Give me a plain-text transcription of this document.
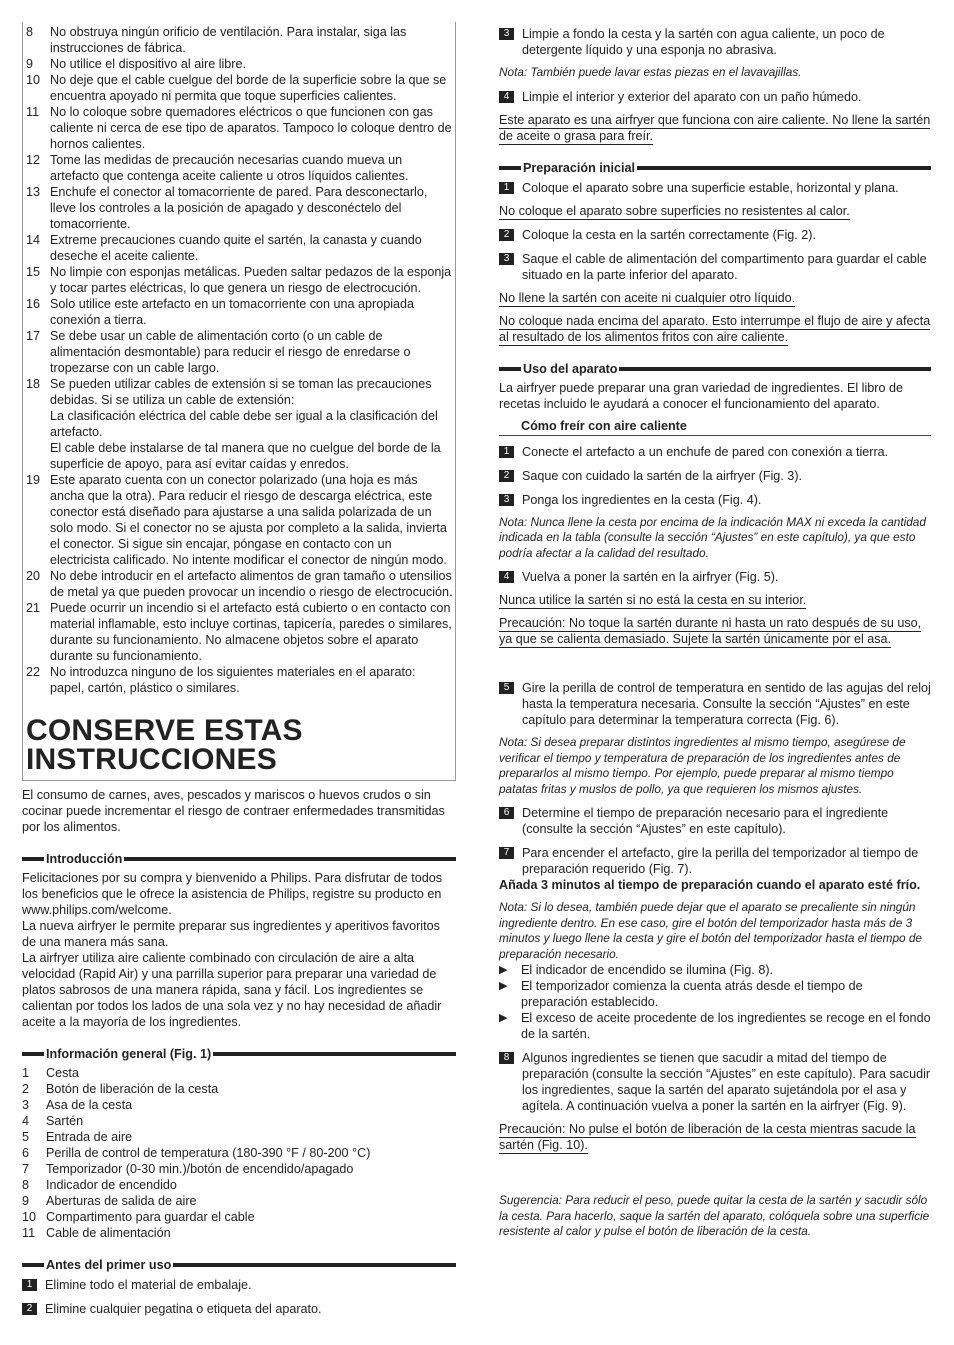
8	No obstruya ningún orificio de ventilación. Para instalar, siga las instrucciones de fábrica.
9	No utilice el dispositivo al aire libre.
10 No deje que el cable cuelgue del borde de la superficie sobre la que se encuentra apoyado ni permita que toque superficies calientes.
11 No lo coloque sobre quemadores eléctricos o que funcionen con gas caliente ni cerca de ese tipo de aparatos. Tampoco lo coloque dentro de hornos calientes.
12 Tome las medidas de precaución necesarias cuando mueva un artefacto que contenga aceite caliente u otros líquidos calientes.
13 Enchufe el conector al tomacorriente de pared. Para desconectarlo, lleve los controles a la posición de apagado y desconéctelo del tomacorriente.
14 Extreme precauciones cuando quite el sartén, la canasta y cuando deseche el aceite caliente.
15 No limpie con esponjas metálicas. Pueden saltar pedazos de la esponja y tocar partes eléctricas, lo que genera un riesgo de electrocución.
16 Solo utilice este artefacto en un tomacorriente con una apropiada conexión a tierra.
17 Se debe usar un cable de alimentación corto (o un cable de alimentación desmontable) para reducir el riesgo de enredarse o tropezarse con un cable largo.
18 Se pueden utilizar cables de extensión si se toman las precauciones debidas. Si se utiliza un cable de extensión:
La clasificación eléctrica del cable debe ser igual a la clasificación del artefacto.
El cable debe instalarse de tal manera que no cuelgue del borde de la superficie de apoyo, para así evitar caídas y enredos.
19 Este aparato cuenta con un conector polarizado (una hoja es más ancha que la otra). Para reducir el riesgo de descarga eléctrica, este conector está diseñado para ajustarse a una salida polarizada de un solo modo. Si el conector no se ajusta por completo a la salida, invierta el conector. Si sigue sin encajar, póngase en contacto con un electricista calificado. No intente modificar el conector de ningún modo.
20 No debe introducir en el artefacto alimentos de gran tamaño o utensilios de metal ya que pueden provocar un incendio o riesgo de electrocución.
21 Puede ocurrir un incendio si el artefacto está cubierto o en contacto con material inflamable, esto incluye cortinas, tapicería, paredes o similares, durante su funcionamiento. No almacene objetos sobre el aparato durante su funcionamiento.
22 No introduzca ninguno de los siguientes materiales en el aparato: papel, cartón, plástico o similares.
CONSERVE ESTAS
INSTRUCCIONES
El consumo de carnes, aves, pescados y mariscos o huevos crudos o sin cocinar puede incrementar el riesgo de contraer enfermedades transmitidas por los alimentos.
Introducción
Felicitaciones por su compra y bienvenido a Philips. Para disfrutar de todos los beneficios que le ofrece la asistencia de Philips, registre su producto en www.philips.com/welcome.
La nueva airfryer le permite preparar sus ingredientes y aperitivos favoritos de una manera más sana.
La airfryer utiliza aire caliente combinado con circulación de aire a alta velocidad (Rapid Air) y una parrilla superior para preparar una variedad de platos sabrosos de una manera rápida, sana y fácil. Los ingredientes se calientan por todos los lados de una sola vez y no hay necesidad de añadir aceite a la mayoría de los ingredientes.
Información general (Fig. 1)
1	Cesta
2	Botón de liberación de la cesta
3	Asa de la cesta
4	Sartén
5	Entrada de aire
6	Perilla de control de temperatura (180-390 °F / 80-200 °C)
7	Temporizador (0-30 min.)/botón de encendido/apagado
8	Indicador de encendido
9	Aberturas de salida de aire
10 Compartimento para guardar el cable
11 Cable de alimentación
Antes del primer uso
1	Elimine todo el material de embalaje.
2	Elimine cualquier pegatina o etiqueta del aparato.
3	Limpie a fondo la cesta y la sartén con agua caliente, un poco de detergente líquido y una esponja no abrasiva.
Nota: También puede lavar estas piezas en el lavavajillas.
4	Limpie el interior y exterior del aparato con un paño húmedo.
Este aparato es una airfryer que funciona con aire caliente. No llene la sartén de aceite o grasa para freír.
Preparación inicial
1	Coloque el aparato sobre una superficie estable, horizontal y plana.
No coloque el aparato sobre superficies no resistentes al calor.
2	Coloque la cesta en la sartén correctamente (Fig. 2).
3	Saque el cable de alimentación del compartimento para guardar el cable situado en la parte inferior del aparato.
No llene la sartén con aceite ni cualquier otro líquido.
No coloque nada encima del aparato. Esto interrumpe el flujo de aire y afecta al resultado de los alimentos fritos con aire caliente.
Uso del aparato
La airfryer puede preparar una gran variedad de ingredientes. El libro de recetas incluido le ayudará a conocer el funcionamiento del aparato.
Cómo freír con aire caliente
1	Conecte el artefacto a un enchufe de pared con conexión a tierra.
2	Saque con cuidado la sartén de la airfryer (Fig. 3).
3	Ponga los ingredientes en la cesta (Fig. 4).
Nota: Nunca llene la cesta por encima de la indicación MAX ni exceda la cantidad indicada en la tabla (consulte la sección “Ajustes” en este capítulo), ya que esto podría afectar a la calidad del resultado.
4	Vuelva a poner la sartén en la airfryer (Fig. 5).
Nunca utilice la sartén si no está la cesta en su interior.
Precaución: No toque la sartén durante ni hasta un rato después de su uso, ya que se calienta demasiado. Sujete la sartén únicamente por el asa.
5	Gire la perilla de control de temperatura en sentido de las agujas del reloj hasta la temperatura necesaria. Consulte la sección “Ajustes” en este capítulo para determinar la temperatura correcta (Fig. 6).
Nota: Si desea preparar distintos ingredientes al mismo tiempo, asegúrese de verificar el tiempo y temperatura de preparación de los ingredientes antes de prepararlos al mismo tiempo. Por ejemplo, puede preparar al mismo tiempo patatas fritas y muslos de pollo, ya que requieren los mismos ajustes.
6	Determine el tiempo de preparación necesario para el ingrediente (consulte la sección “Ajustes” en este capítulo).
7	Para encender el artefacto, gire la perilla del temporizador al tiempo de preparación requerido (Fig. 7).
Añada 3 minutos al tiempo de preparación cuando el aparato esté frío.
Nota: Si lo desea, también puede dejar que el aparato se precaliente sin ningún ingrediente dentro. En ese caso, gire el botón del temporizador hasta más de 3 minutos y luego llene la cesta y gire el botón del temporizador hasta el tiempo de preparación necesario.
▶	El indicador de encendido se ilumina (Fig. 8).
▶	El temporizador comienza la cuenta atrás desde el tiempo de preparación establecido.
▶	El exceso de aceite procedente de los ingredientes se recoge en el fondo de la sartén.
8	Algunos ingredientes se tienen que sacudir a mitad del tiempo de preparación (consulte la sección “Ajustes” en este capítulo). Para sacudir los ingredientes, saque la sartén del aparato sujetándola por el asa y agítela. A continuación vuelva a poner la sartén en la airfryer (Fig. 9).
Precaución: No pulse el botón de liberación de la cesta mientras sacude la sartén (Fig. 10).
Sugerencia: Para reducir el peso, puede quitar la cesta de la sartén y sacudir sólo la cesta. Para hacerlo, saque la sartén del aparato, colóquela sobre una superficie resistente al calor y pulse el botón de liberación de la cesta.
